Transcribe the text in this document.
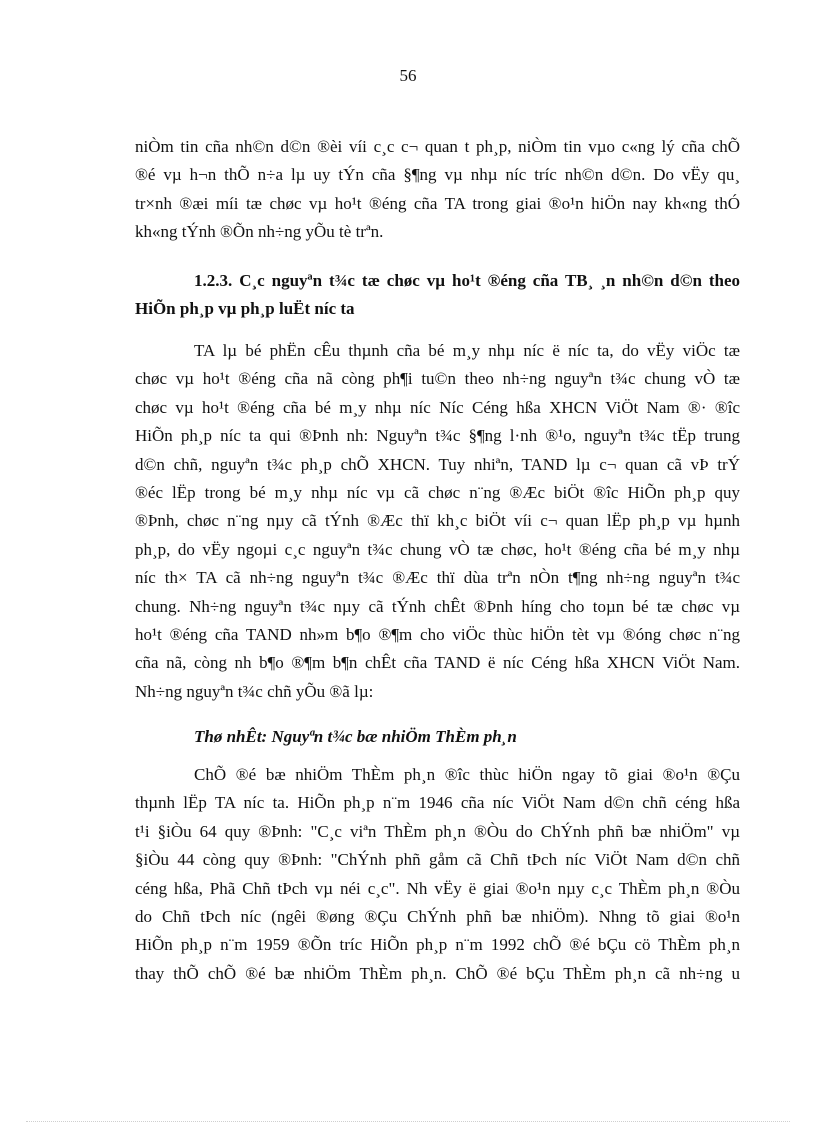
56
niÒm tin cña nh©n d©n ®èi víi c¸c c¬ quan t ph¸p, niÒm tin vµo c«ng lý cña chÕ
®é vµ h¬n thÕ n÷a lµ uy tÝn cña §¶ng vµ nhµ níc tríc nh©n d©n. Do vËy qu¸
tr×nh ®æi míi tæ chøc vµ ho¹t ®éng cña TA trong giai ®o¹n hiÖn nay kh«ng thÓ
kh«ng tÝnh ®Õn nh÷ng yÕu tè trªn.
1.2.3. C¸c nguyªn t¾c tæ chøc vµ ho¹t ®éng cña TB¸ ¸n nh©n d©n theo
HiÕn ph¸p vµ ph¸p luËt níc ta
TA lµ bé phËn cÊu thµnh cña bé m¸y nhµ níc ë níc ta, do vËy viÖc tæ
chøc vµ ho¹t ®éng cña nã còng ph¶i tu©n theo nh÷ng nguyªn t¾c chung vÒ tæ
chøc vµ ho¹t ®éng cña bé m¸y nhµ níc Níc Céng hßa XHCN ViÖt Nam ®· ®îc
HiÕn ph¸p níc ta qui ®Þnh nh: Nguyªn t¾c §¶ng l·nh ®¹o, nguyªn t¾c tËp trung
d©n chñ, nguyªn t¾c ph¸p chÕ XHCN. Tuy nhiªn, TAND lµ c¬ quan cã vÞ trÝ
®éc lËp trong bé m¸y nhµ níc vµ cã chøc n¨ng ®Æc biÖt ®îc HiÕn ph¸p quy
®Þnh, chøc n¨ng nµy cã tÝnh ®Æc thï kh¸c biÖt víi c¬ quan lËp ph¸p vµ hµnh
ph¸p, do vËy ngoµi c¸c nguyªn t¾c chung vÒ tæ chøc, ho¹t ®éng cña bé m¸y nhµ
níc th× TA cã nh÷ng nguyªn t¾c ®Æc thï dùa trªn nÒn t¶ng nh÷ng nguyªn t¾c
chung. Nh÷ng nguyªn t¾c nµy cã tÝnh chÊt ®Þnh híng cho toµn bé tæ chøc vµ
ho¹t ®éng cña TAND nh»m b¶o ®¶m cho viÖc thùc hiÖn tèt vµ ®óng chøc n¨ng
cña nã, còng nh b¶o ®¶m b¶n chÊt cña TAND ë níc Céng hßa XHCN ViÖt Nam.
Nh÷ng nguyªn t¾c chñ yÕu ®ã lµ:
Thø nhÊt: Nguyªn t¾c bæ nhiÖm ThÈm ph¸n
ChÕ ®é bæ nhiÖm ThÈm ph¸n ®îc thùc hiÖn ngay tõ giai ®o¹n ®Çu
thµnh lËp TA níc ta. HiÕn ph¸p n¨m 1946 cña níc ViÖt Nam d©n chñ céng hßa
t¹i §iÒu 64 quy ®Þnh: "C¸c viªn ThÈm ph¸n ®Òu do ChÝnh phñ bæ nhiÖm" vµ
§iÒu 44 còng quy ®Þnh: "ChÝnh phñ gåm cã Chñ tÞch níc ViÖt Nam d©n chñ
céng hßa, Phã Chñ tÞch vµ néi c¸c". Nh vËy ë giai ®o¹n nµy c¸c ThÈm ph¸n ®Òu
do Chñ tÞch níc (ngêi ®øng ®Çu ChÝnh phñ bæ nhiÖm). Nhng tõ giai ®o¹n
HiÕn ph¸p n¨m 1959 ®Õn tríc HiÕn ph¸p n¨m 1992 chÕ ®é bÇu cö ThÈm ph¸n
thay thÕ chÕ ®é bæ nhiÖm ThÈm ph¸n. ChÕ ®é bÇu ThÈm ph¸n cã nh÷ng u
